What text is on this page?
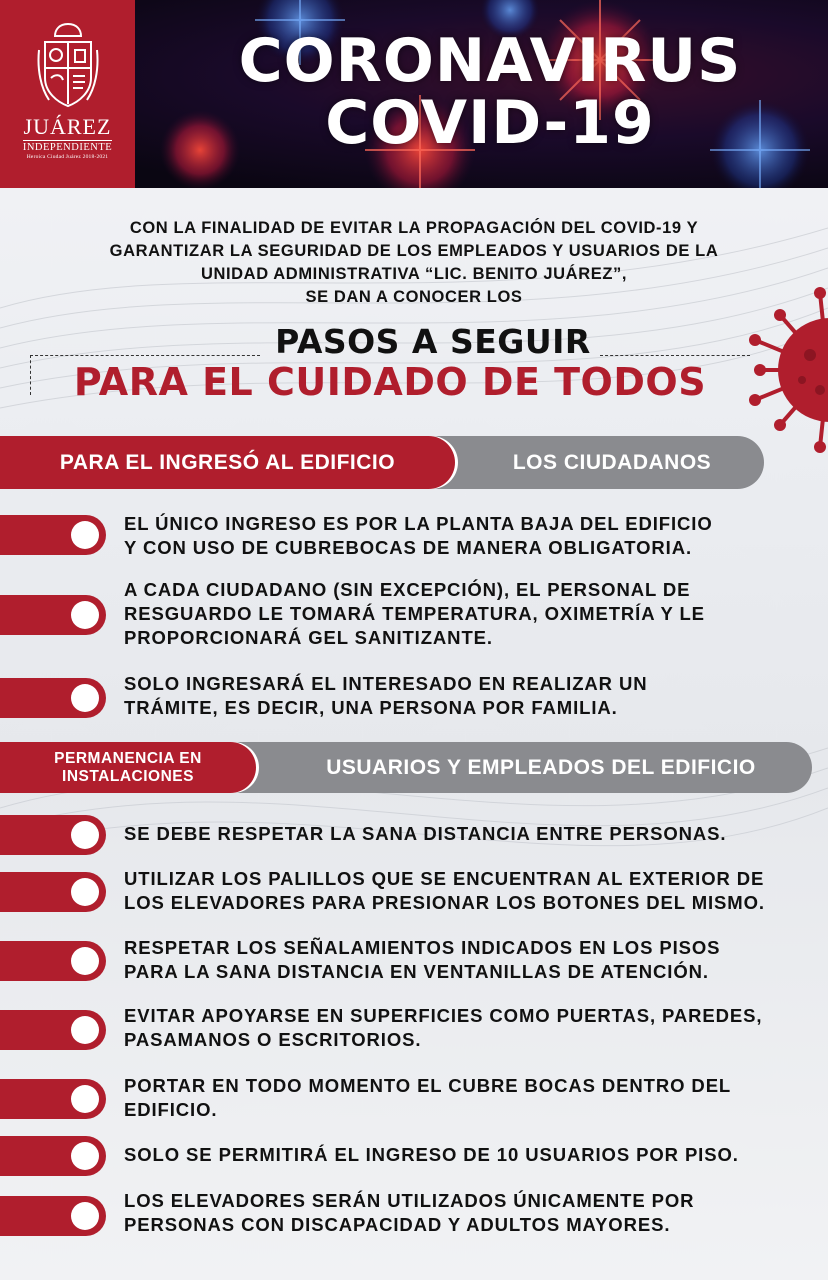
JUÁREZ
INDEPENDIENTE
Heroica Ciudad Juárez 2018-2021
CORONAVIRUS
COVID-19
CON LA FINALIDAD DE EVITAR LA PROPAGACIÓN DEL COVID-19 Y
GARANTIZAR LA SEGURIDAD DE LOS EMPLEADOS Y USUARIOS DE LA
UNIDAD ADMINISTRATIVA “LIC. BENITO JUÁREZ”,
SE DAN A CONOCER LOS
PASOS A SEGUIR
PARA EL CUIDADO DE TODOS
LOS CIUDADANOS
PARA EL INGRESÓ AL EDIFICIO
EL ÚNICO INGRESO ES POR LA PLANTA BAJA DEL EDIFICIO
Y CON USO DE CUBREBOCAS DE MANERA OBLIGATORIA.
A CADA CIUDADANO (SIN EXCEPCIÓN), EL PERSONAL DE
RESGUARDO LE TOMARÁ TEMPERATURA, OXIMETRÍA Y LE
PROPORCIONARÁ GEL SANITIZANTE.
SOLO INGRESARÁ EL INTERESADO EN REALIZAR UN
TRÁMITE, ES DECIR, UNA PERSONA POR FAMILIA.
USUARIOS Y EMPLEADOS DEL EDIFICIO
PERMANENCIA EN
INSTALACIONES
SE DEBE RESPETAR LA SANA DISTANCIA ENTRE PERSONAS.
UTILIZAR LOS PALILLOS QUE SE ENCUENTRAN AL EXTERIOR DE
LOS ELEVADORES PARA PRESIONAR LOS BOTONES DEL MISMO.
RESPETAR LOS SEÑALAMIENTOS INDICADOS EN LOS PISOS
PARA LA SANA DISTANCIA EN VENTANILLAS DE ATENCIÓN.
EVITAR APOYARSE EN SUPERFICIES COMO PUERTAS, PAREDES,
PASAMANOS O ESCRITORIOS.
PORTAR EN TODO MOMENTO EL CUBRE BOCAS DENTRO DEL
EDIFICIO.
SOLO SE PERMITIRÁ EL INGRESO DE 10 USUARIOS POR PISO.
LOS ELEVADORES SERÁN UTILIZADOS ÚNICAMENTE POR
PERSONAS CON DISCAPACIDAD Y ADULTOS MAYORES.
